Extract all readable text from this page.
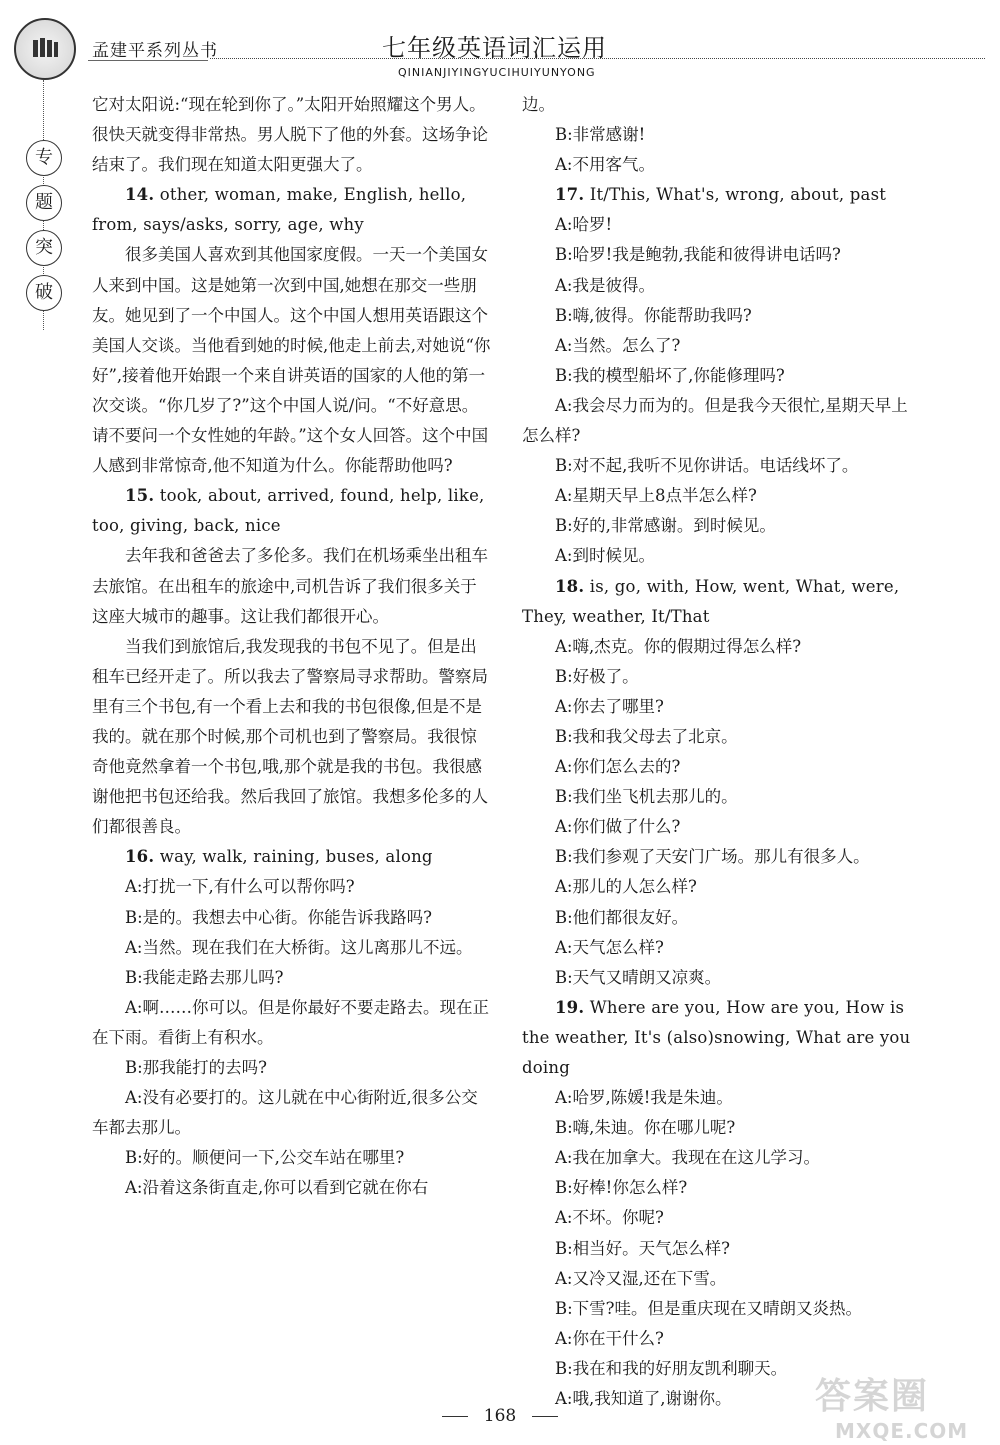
孟建平系列丛书	七年级英语词汇运用
QINIANJIYINGYUCIHUIYUNYONG
专
题
突
破

它对太阳说:“现在轮到你了。”太阳开始照耀这个男人。很快天就变得非常热。男人脱下了他的外套。这场争论结束了。我们现在知道太阳更强大了。

14. other, woman, make, English, hello, from, says/asks, sorry, age, why

很多美国人喜欢到其他国家度假。一天一个美国女人来到中国。这是她第一次到中国,她想在那交一些朋友。她见到了一个中国人。这个中国人想用英语跟这个美国人交谈。当他看到她的时候,他走上前去,对她说“你好”,接着他开始跟一个来自讲英语的国家的人他的第一次交谈。“你几岁了?”这个中国人说/问。“不好意思。请不要问一个女性她的年龄。”这个女人回答。这个中国人感到非常惊奇,他不知道为什么。你能帮助他吗?

15. took, about, arrived, found, help, like, too, giving, back, nice

去年我和爸爸去了多伦多。我们在机场乘坐出租车去旅馆。在出租车的旅途中,司机告诉了我们很多关于这座大城市的趣事。这让我们都很开心。

当我们到旅馆后,我发现我的书包不见了。但是出租车已经开走了。所以我去了警察局寻求帮助。警察局里有三个书包,有一个看上去和我的书包很像,但是不是我的。就在那个时候,那个司机也到了警察局。我很惊奇他竟然拿着一个书包,哦,那个就是我的书包。我很感谢他把书包还给我。然后我回了旅馆。我想多伦多的人们都很善良。

16. way, walk, raining, buses, along

A:打扰一下,有什么可以帮你吗?

B:是的。我想去中心街。你能告诉我路吗?

A:当然。现在我们在大桥街。这儿离那儿不远。

B:我能走路去那儿吗?

A:啊……你可以。但是你最好不要走路去。现在正在下雨。看街上有积水。

B:那我能打的去吗?

A:没有必要打的。这儿就在中心街附近,很多公交车都去那儿。

B:好的。顺便问一下,公交车站在哪里?

A:沿着这条街直走,你可以看到它就在你右

边。

B:非常感谢!

A:不用客气。

17. It/This, What's, wrong, about, past

A:哈罗!

B:哈罗!我是鲍勃,我能和彼得讲电话吗?

A:我是彼得。

B:嗨,彼得。你能帮助我吗?

A:当然。怎么了?

B:我的模型船坏了,你能修理吗?

A:我会尽力而为的。但是我今天很忙,星期天早上怎么样?

B:对不起,我听不见你讲话。电话线坏了。

A:星期天早上8点半怎么样?

B:好的,非常感谢。到时候见。

A:到时候见。

18. is, go, with, How, went, What, were, They, weather, It/That

A:嗨,杰克。你的假期过得怎么样?

B:好极了。

A:你去了哪里?

B:我和我父母去了北京。

A:你们怎么去的?

B:我们坐飞机去那儿的。

A:你们做了什么?

B:我们参观了天安门广场。那儿有很多人。

A:那儿的人怎么样?

B:他们都很友好。

A:天气怎么样?

B:天气又晴朗又凉爽。

19. Where are you, How are you, How is the weather, It's (also)snowing, What are you doing

A:哈罗,陈媛!我是朱迪。

B:嗨,朱迪。你在哪儿呢?

A:我在加拿大。我现在在这儿学习。

B:好棒!你怎么样?

A:不坏。你呢?

B:相当好。天气怎么样?

A:又冷又湿,还在下雪。

B:下雪?哇。但是重庆现在又晴朗又炎热。

A:你在干什么?

B:我在和我的好朋友凯利聊天。

A:哦,我知道了,谢谢你。

168	答案圈
MXQE.COM
